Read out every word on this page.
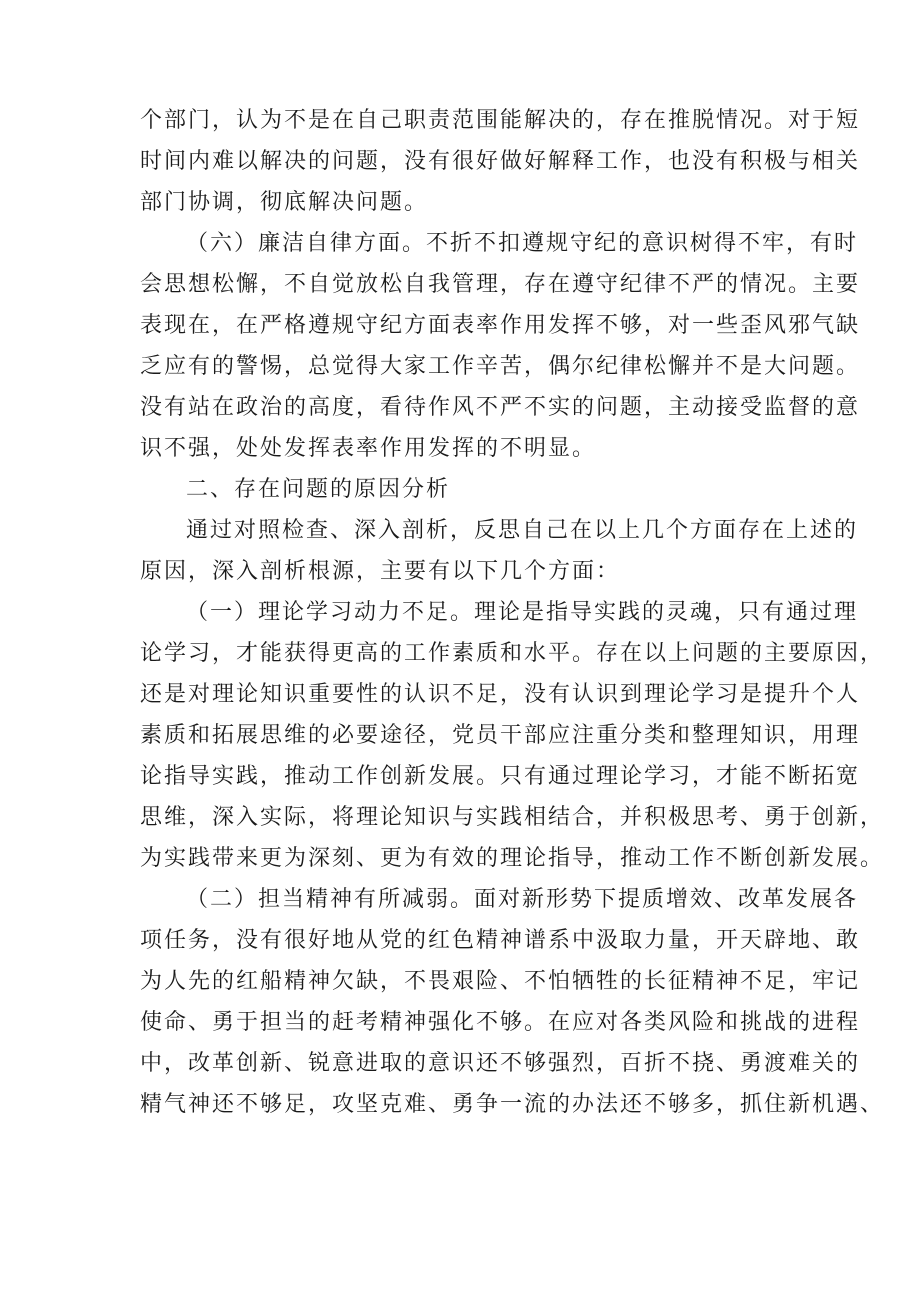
个部门，认为不是在自己职责范围能解决的，存在推脱情况。对于短
时间内难以解决的问题，没有很好做好解释工作，也没有积极与相关
部门协调，彻底解决问题。
（六）廉洁自律方面。不折不扣遵规守纪的意识树得不牢，有时
会思想松懈，不自觉放松自我管理，存在遵守纪律不严的情况。主要
表现在，在严格遵规守纪方面表率作用发挥不够，对一些歪风邪气缺
乏应有的警惕，总觉得大家工作辛苦，偶尔纪律松懈并不是大问题。
没有站在政治的高度，看待作风不严不实的问题，主动接受监督的意
识不强，处处发挥表率作用发挥的不明显。
二、存在问题的原因分析
通过对照检查、深入剖析，反思自己在以上几个方面存在上述的
原因，深入剖析根源，主要有以下几个方面：
（一）理论学习动力不足。理论是指导实践的灵魂，只有通过理
论学习，才能获得更高的工作素质和水平。存在以上问题的主要原因，
还是对理论知识重要性的认识不足，没有认识到理论学习是提升个人
素质和拓展思维的必要途径，党员干部应注重分类和整理知识，用理
论指导实践，推动工作创新发展。只有通过理论学习，才能不断拓宽
思维，深入实际，将理论知识与实践相结合，并积极思考、勇于创新，
为实践带来更为深刻、更为有效的理论指导，推动工作不断创新发展。
（二）担当精神有所减弱。面对新形势下提质增效、改革发展各
项任务，没有很好地从党的红色精神谱系中汲取力量，开天辟地、敢
为人先的红船精神欠缺，不畏艰险、不怕牺牲的长征精神不足，牢记
使命、勇于担当的赶考精神强化不够。在应对各类风险和挑战的进程
中，改革创新、锐意进取的意识还不够强烈，百折不挠、勇渡难关的
精气神还不够足，攻坚克难、勇争一流的办法还不够多，抓住新机遇、
